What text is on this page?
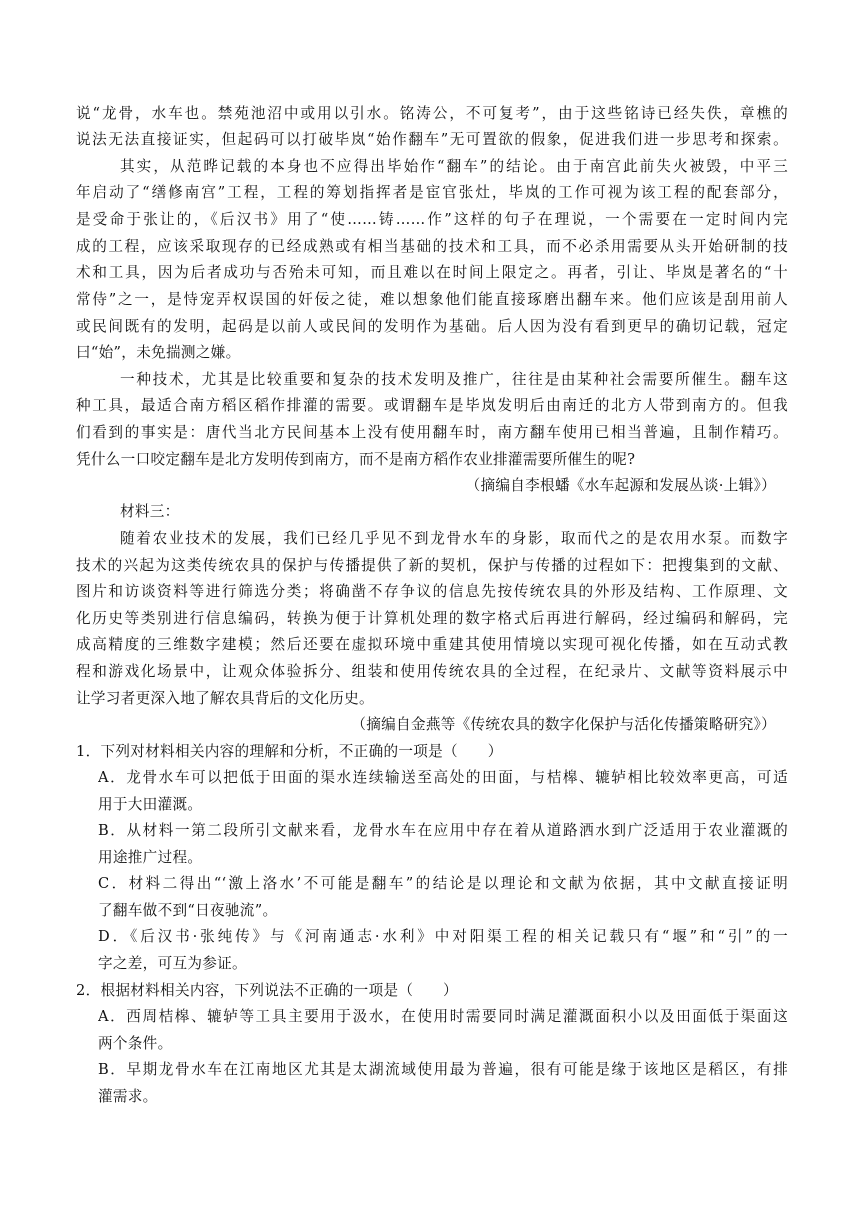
说“龙骨，水车也。禁苑池沼中或用以引水。铭涛公，不可复考”，由于这些铭诗已经失佚，章樵的
说法无法直接证实，但起码可以打破毕岚“始作翻车”无可置欲的假象，促进我们进一步思考和探索。
其实，从范晔记载的本身也不应得出毕始作“翻车”的结论。由于南宫此前失火被毁，中平三
年启动了“缮修南宫”工程，工程的筹划指挥者是宦官张灶，毕岚的工作可视为该工程的配套部分，
是受命于张让的，《后汉书》用了“使……铸……作”这样的句子在理说，一个需要在一定时间内完
成的工程，应该采取现存的已经成熟或有相当基础的技术和工具，而不必杀用需要从头开始研制的技
术和工具，因为后者成功与否殆未可知，而且难以在时间上限定之。再者，引让、毕岚是著名的“十
常侍”之一，是恃宠弄权误国的奸佞之徒，难以想象他们能直接琢磨出翻车来。他们应该是刮用前人
或民间既有的发明，起码是以前人或民间的发明作为基础。后人因为没有看到更早的确切记载，冠定
曰“始”，未免揣测之嫌。
一种技术，尤其是比较重要和复杂的技术发明及推广，往往是由某种社会需要所催生。翻车这
种工具，最适合南方稻区稻作排灌的需要。或谓翻车是毕岚发明后由南迁的北方人带到南方的。但我
们看到的事实是：唐代当北方民间基本上没有使用翻车时，南方翻车使用已相当普遍，且制作精巧。
凭什么一口咬定翻车是北方发明传到南方，而不是南方稻作农业排灌需要所催生的呢?
（摘编自李根蟠《水车起源和发展丛谈·上辑》）
材料三：
随着农业技术的发展，我们已经几乎见不到龙骨水车的身影，取而代之的是农用水泵。而数字
技术的兴起为这类传统农具的保护与传播提供了新的契机，保护与传播的过程如下：把搜集到的文献、
图片和访谈资料等进行筛选分类；将确凿不存争议的信息先按传统农具的外形及结构、工作原理、文
化历史等类别进行信息编码，转换为便于计算机处理的数字格式后再进行解码，经过编码和解码，完
成高精度的三维数字建模；然后还要在虚拟环境中重建其使用情境以实现可视化传播，如在互动式教
程和游戏化场景中，让观众体验拆分、组装和使用传统农具的全过程，在纪录片、文献等资料展示中
让学习者更深入地了解农具背后的文化历史。
（摘编自金燕等《传统农具的数字化保护与活化传播策略研究》）
1．下列对材料相关内容的理解和分析，不正确的一项是（　　）
A．龙骨水车可以把低于田面的渠水连续输送至高处的田面，与桔槔、辘轳相比较效率更高，可适
用于大田灌溉。
B．从材料一第二段所引文献来看，龙骨水车在应用中存在着从道路洒水到广泛适用于农业灌溉的
用途推广过程。
C．材料二得出“‘激上洛水’不可能是翻车”的结论是以理论和文献为依据，其中文献直接证明
了翻车做不到“日夜驰流”。
D．《后汉书·张纯传》与《河南通志·水利》中对阳渠工程的相关记载只有“堰”和“引”的一
字之差，可互为参证。
2．根据材料相关内容，下列说法不正确的一项是（　　）
A．西周桔槔、辘轳等工具主要用于汲水，在使用时需要同时满足灌溉面积小以及田面低于渠面这
两个条件。
B．早期龙骨水车在江南地区尤其是太湖流域使用最为普遍，很有可能是缘于该地区是稻区，有排
灌需求。
